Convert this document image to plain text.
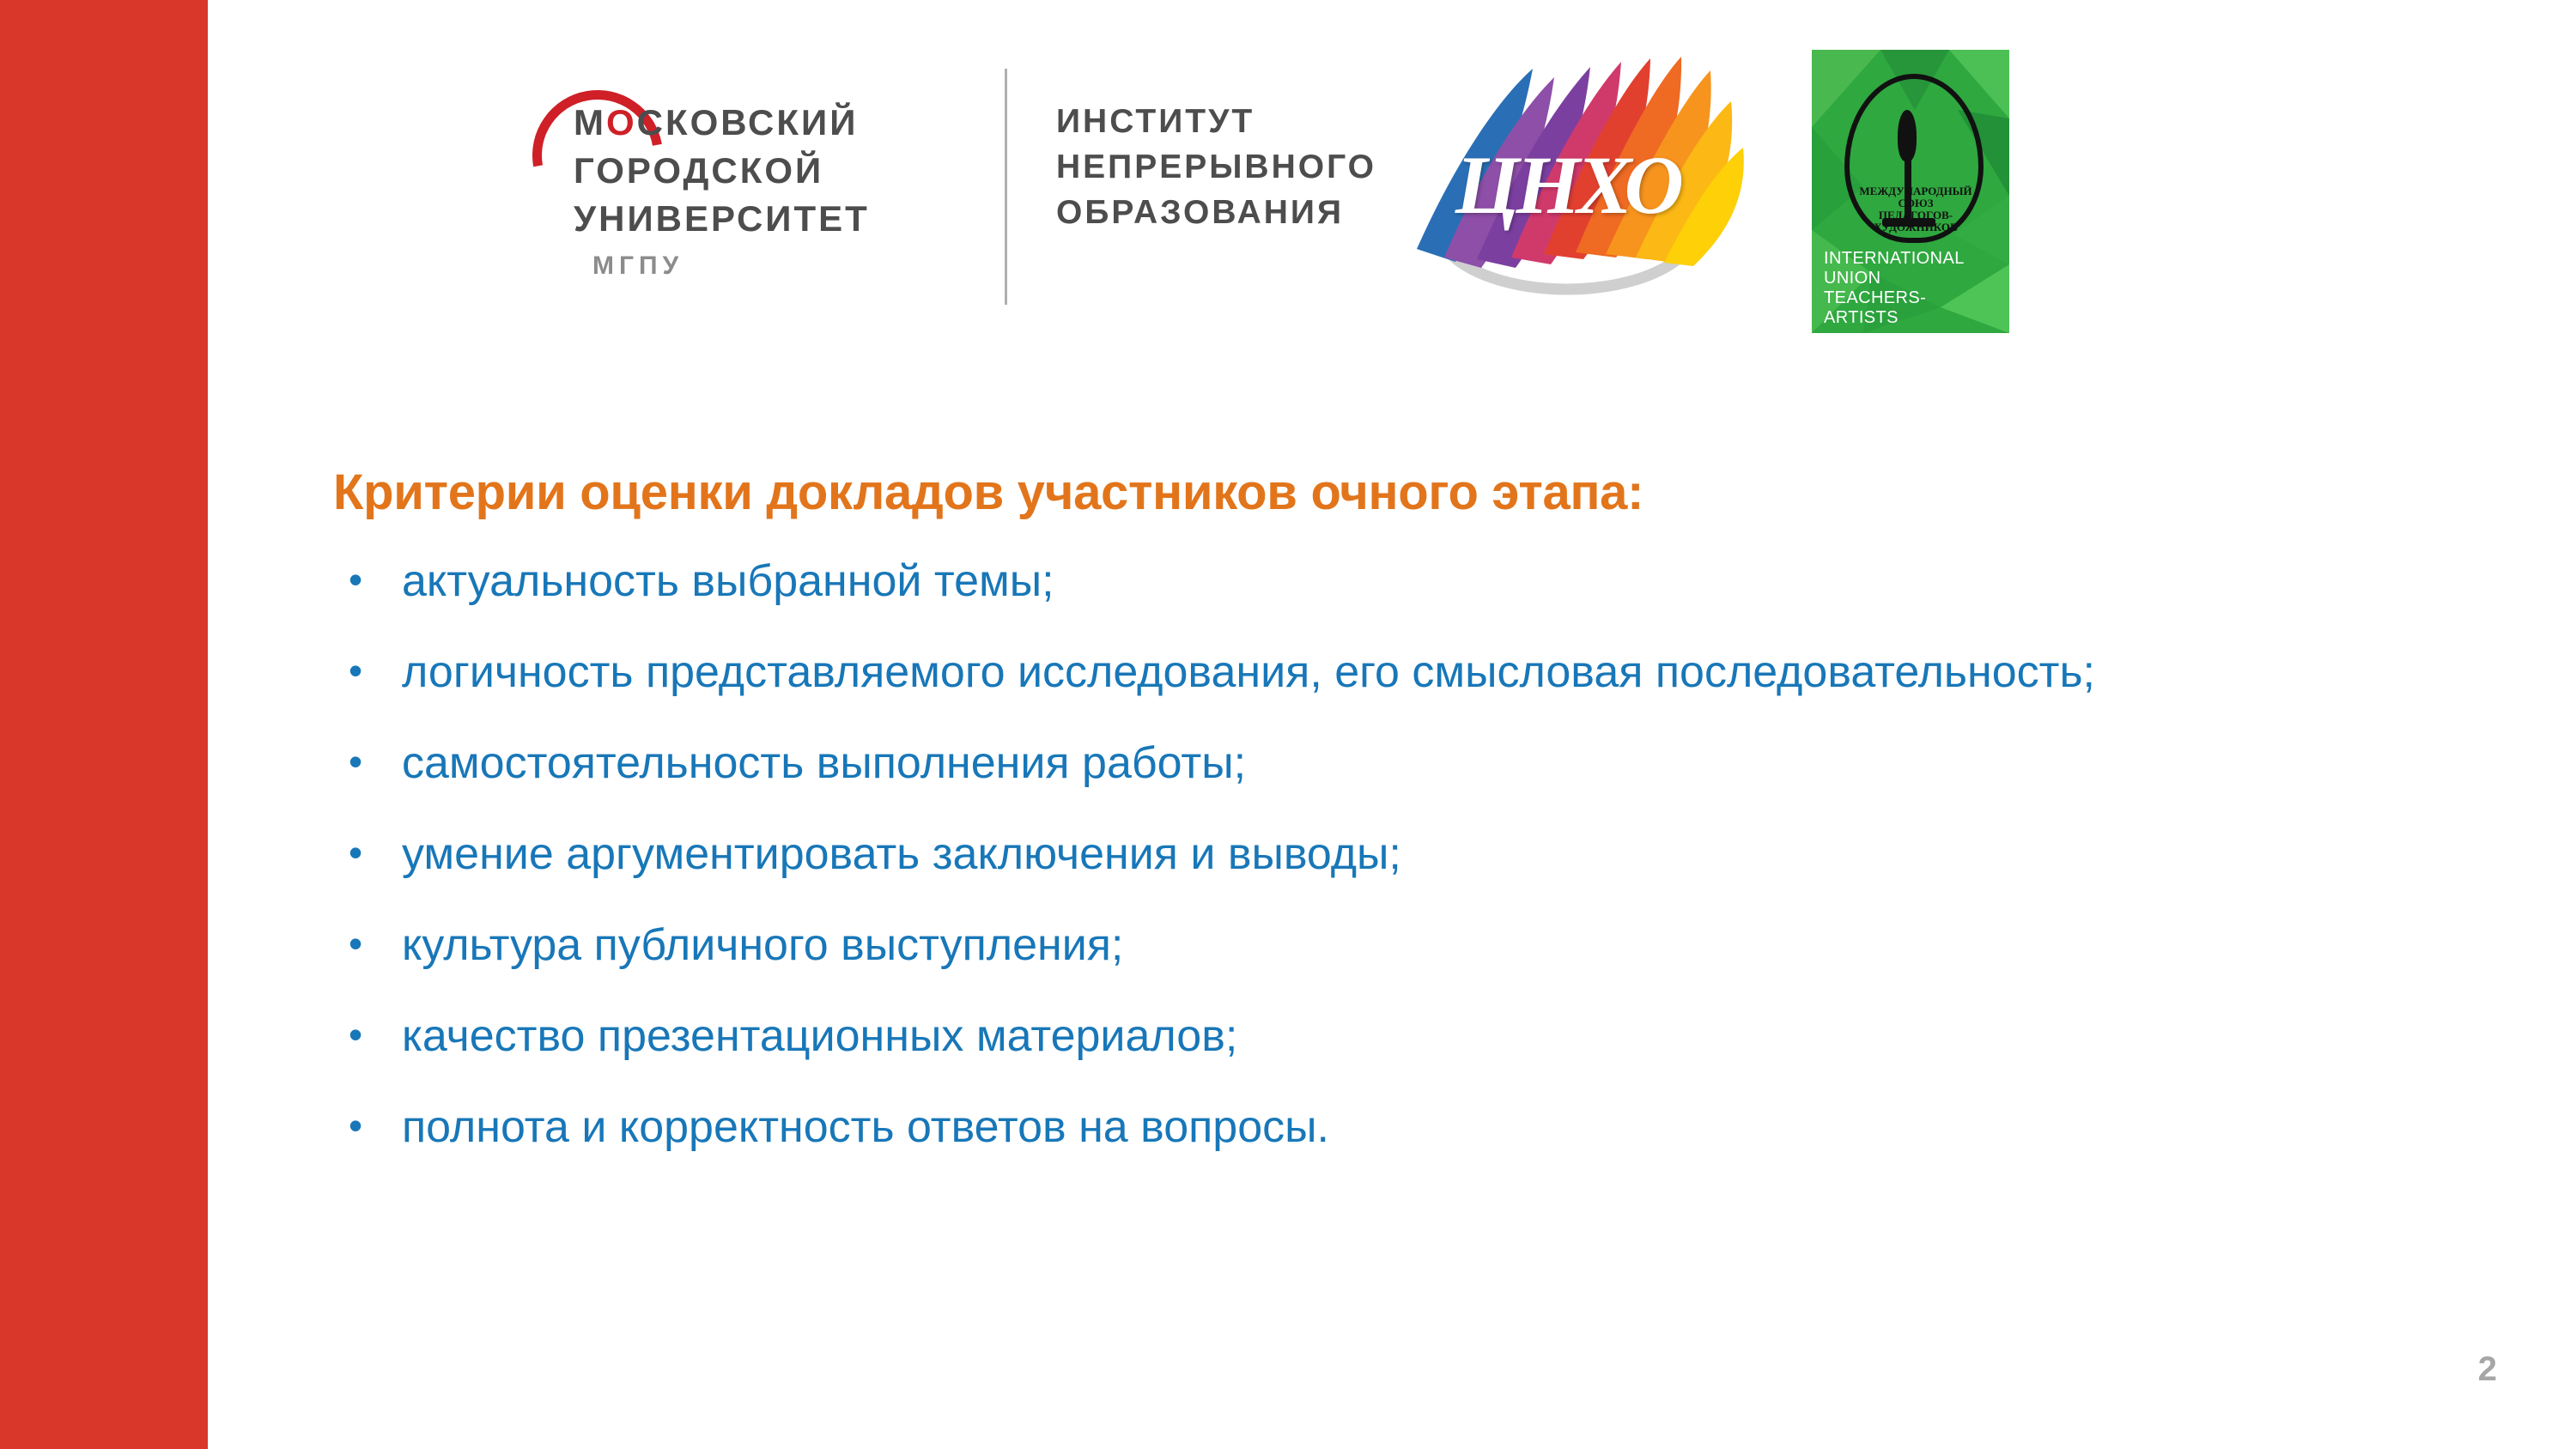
МОСКОВСКИЙ
ГОРОДСКОЙ
УНИВЕРСИТЕТ
МГПУ
ИНСТИТУТ
НЕПРЕРЫВНОГО
ОБРАЗОВАНИЯ	ЦНХО	МЕЖДУНАРОДНЫЙ
СОЮЗ
ПЕДАГОГОВ-
ХУДОЖНИКОВ
INTERNATIONAL
UNION
TEACHERS-
ARTISTS
Критерии оценки докладов участников очного этапа:
• актуальность выбранной темы;
• логичность представляемого исследования, его смысловая последовательность;
• самостоятельность выполнения работы;
• умение аргументировать заключения и выводы;
• культура публичного выступления;
• качество презентационных материалов;
• полнота и корректность ответов на вопросы.
2
